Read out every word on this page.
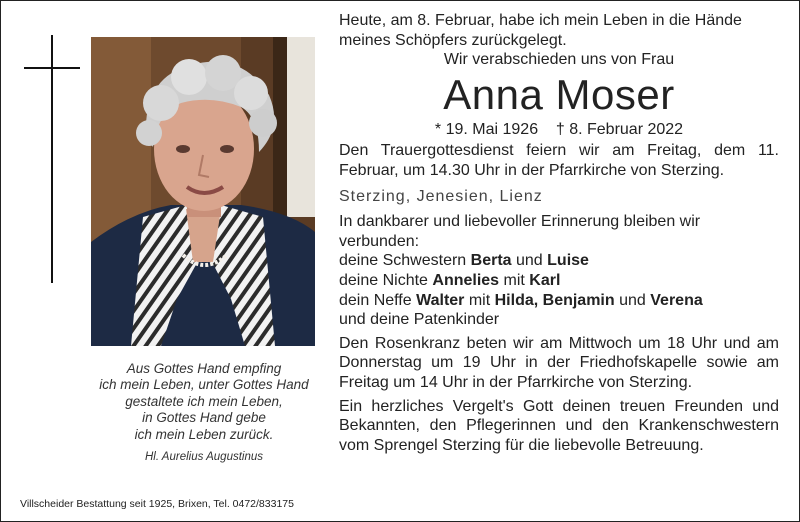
Aus Gottes Hand empfing
ich mein Leben, unter Gottes Hand
gestaltete ich mein Leben,
in Gottes Hand gebe
ich mein Leben zurück.
Hl. Aurelius Augustinus
Villscheider Bestattung seit 1925, Brixen, Tel. 0472/833175

Heute, am 8. Februar, habe ich mein Leben in die Hände meines Schöpfers zurückgelegt.

Wir verabschieden uns von Frau

Anna Moser

* 19. Mai 1926 † 8. Februar 2022

Den Trauergottesdienst feiern wir am Freitag, dem 11. Februar, um 14.30 Uhr in der Pfarrkirche von Sterzing.

Sterzing, Jenesien, Lienz

In dankbarer und liebevoller Erinnerung bleiben wir verbunden:

deine Schwestern Berta und Luise

deine Nichte Annelies mit Karl

dein Neffe Walter mit Hilda, Benjamin und Verena

und deine Patenkinder

Den Rosenkranz beten wir am Mittwoch um 18 Uhr und am Donnerstag um 19 Uhr in der Friedhofskapelle sowie am Freitag um 14 Uhr in der Pfarrkirche von Sterzing.

Ein herzliches Vergelt's Gott deinen treuen Freunden und Bekannten, den Pflegerinnen und den Krankenschwestern vom Sprengel Sterzing für die liebevolle Betreuung.
